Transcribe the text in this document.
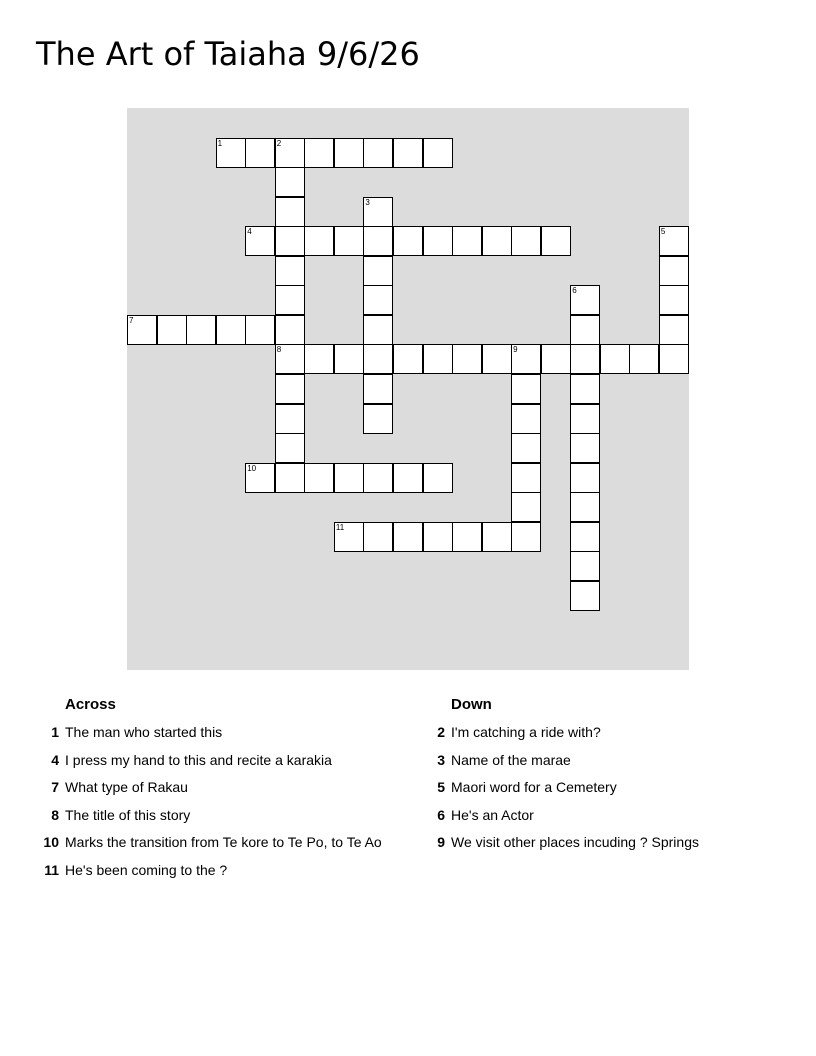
The Art of Taiaha 9/6/26
1	2
8
3
4	5
6
7
9
10
11
Across
1 The man who started this
4 I press my hand to this and recite a karakia
7 What type of Rakau
8 The title of this story
10 Marks the transition from Te kore to Te Po, to Te Ao
11 He's been coming to the ?
Down
2 I'm catching a ride with?
3 Name of the marae
5 Maori word for a Cemetery
6 He's an Actor
9 We visit other places incuding ? Springs
